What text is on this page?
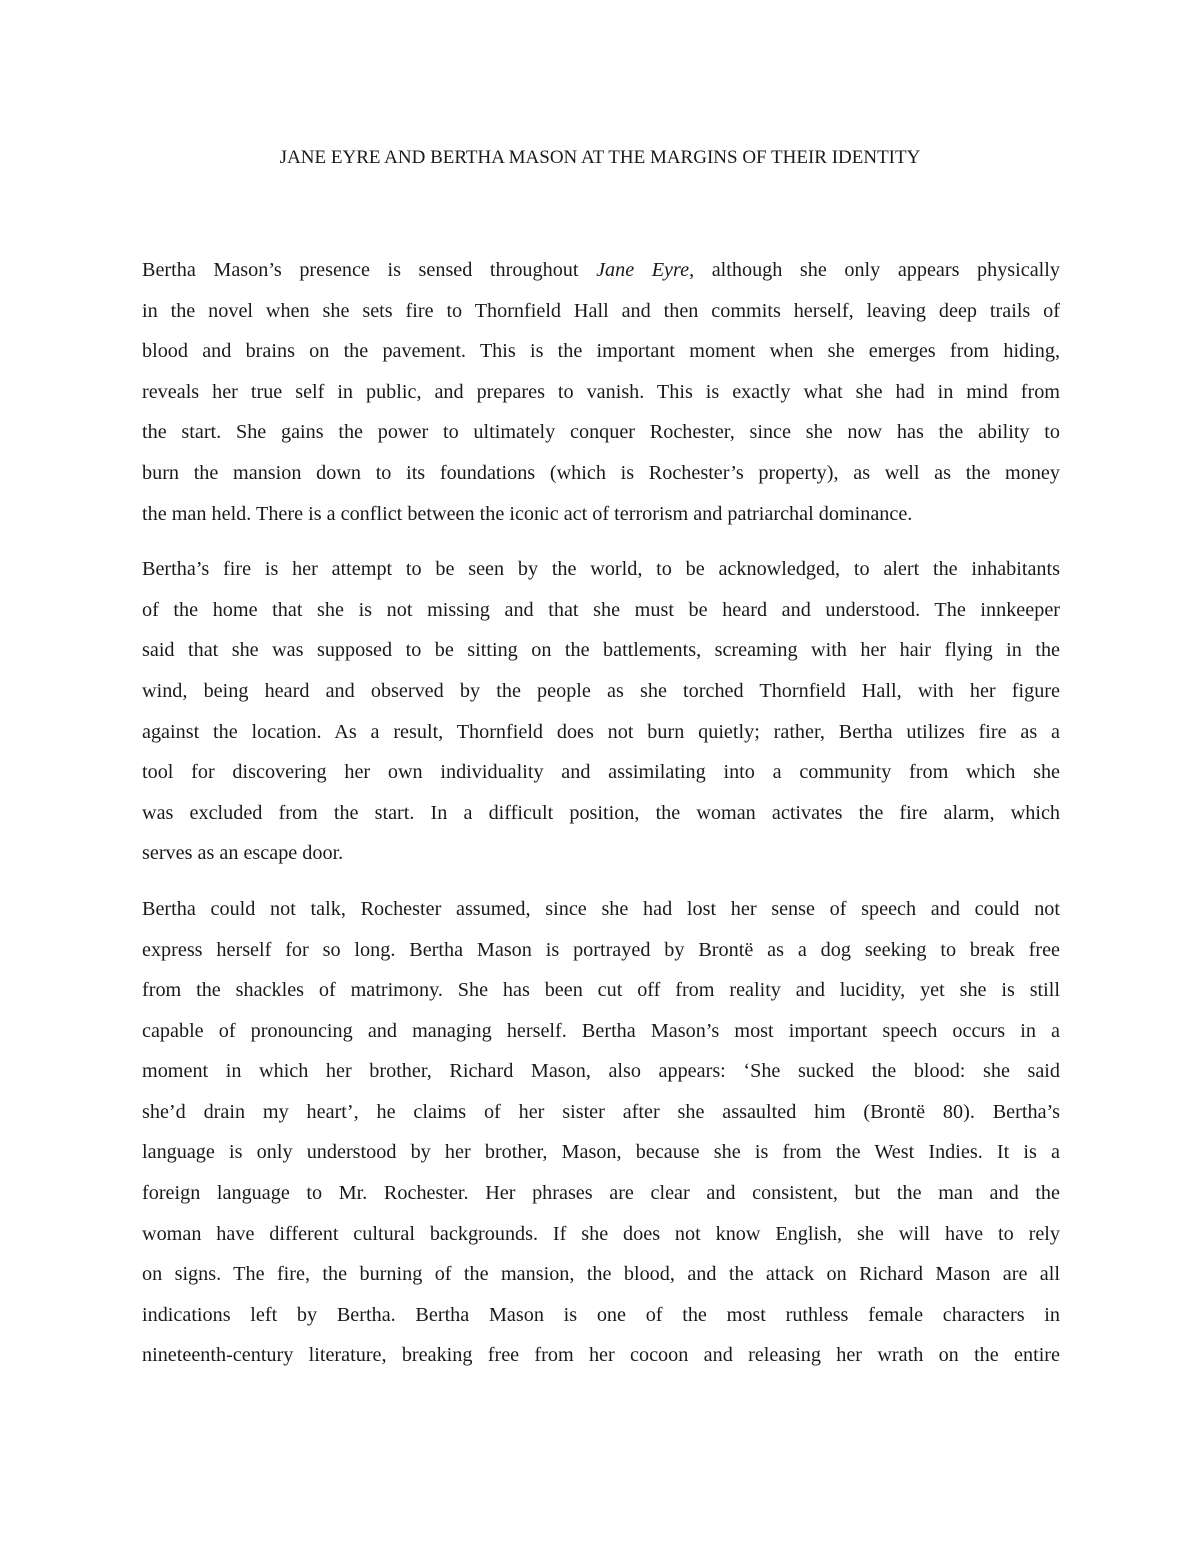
JANE EYRE AND BERTHA MASON AT THE MARGINS OF THEIR IDENTITY

Bertha Mason’s presence is sensed throughout Jane Eyre, although she only appears physically
in the novel when she sets fire to Thornfield Hall and then commits herself, leaving deep trails of
blood and brains on the pavement. This is the important moment when she emerges from hiding,
reveals her true self in public, and prepares to vanish. This is exactly what she had in mind from
the start. She gains the power to ultimately conquer Rochester, since she now has the ability to
burn the mansion down to its foundations (which is Rochester’s property), as well as the money
the man held. There is a conflict between the iconic act of terrorism and patriarchal dominance.

Bertha’s fire is her attempt to be seen by the world, to be acknowledged, to alert the inhabitants
of the home that she is not missing and that she must be heard and understood. The innkeeper
said that she was supposed to be sitting on the battlements, screaming with her hair flying in the
wind, being heard and observed by the people as she torched Thornfield Hall, with her figure
against the location. As a result, Thornfield does not burn quietly; rather, Bertha utilizes fire as a
tool for discovering her own individuality and assimilating into a community from which she
was excluded from the start. In a difficult position, the woman activates the fire alarm, which
serves as an escape door.

Bertha could not talk, Rochester assumed, since she had lost her sense of speech and could not
express herself for so long. Bertha Mason is portrayed by Brontë as a dog seeking to break free
from the shackles of matrimony. She has been cut off from reality and lucidity, yet she is still
capable of pronouncing and managing herself. Bertha Mason’s most important speech occurs in a
moment in which her brother, Richard Mason, also appears: ‘She sucked the blood: she said
she’d drain my heart’, he claims of her sister after she assaulted him (Brontë 80). Bertha’s
language is only understood by her brother, Mason, because she is from the West Indies. It is a
foreign language to Mr. Rochester. Her phrases are clear and consistent, but the man and the
woman have different cultural backgrounds. If she does not know English, she will have to rely
on signs. The fire, the burning of the mansion, the blood, and the attack on Richard Mason are all
indications left by Bertha. Bertha Mason is one of the most ruthless female characters in
nineteenth-century literature, breaking free from her cocoon and releasing her wrath on the entire
